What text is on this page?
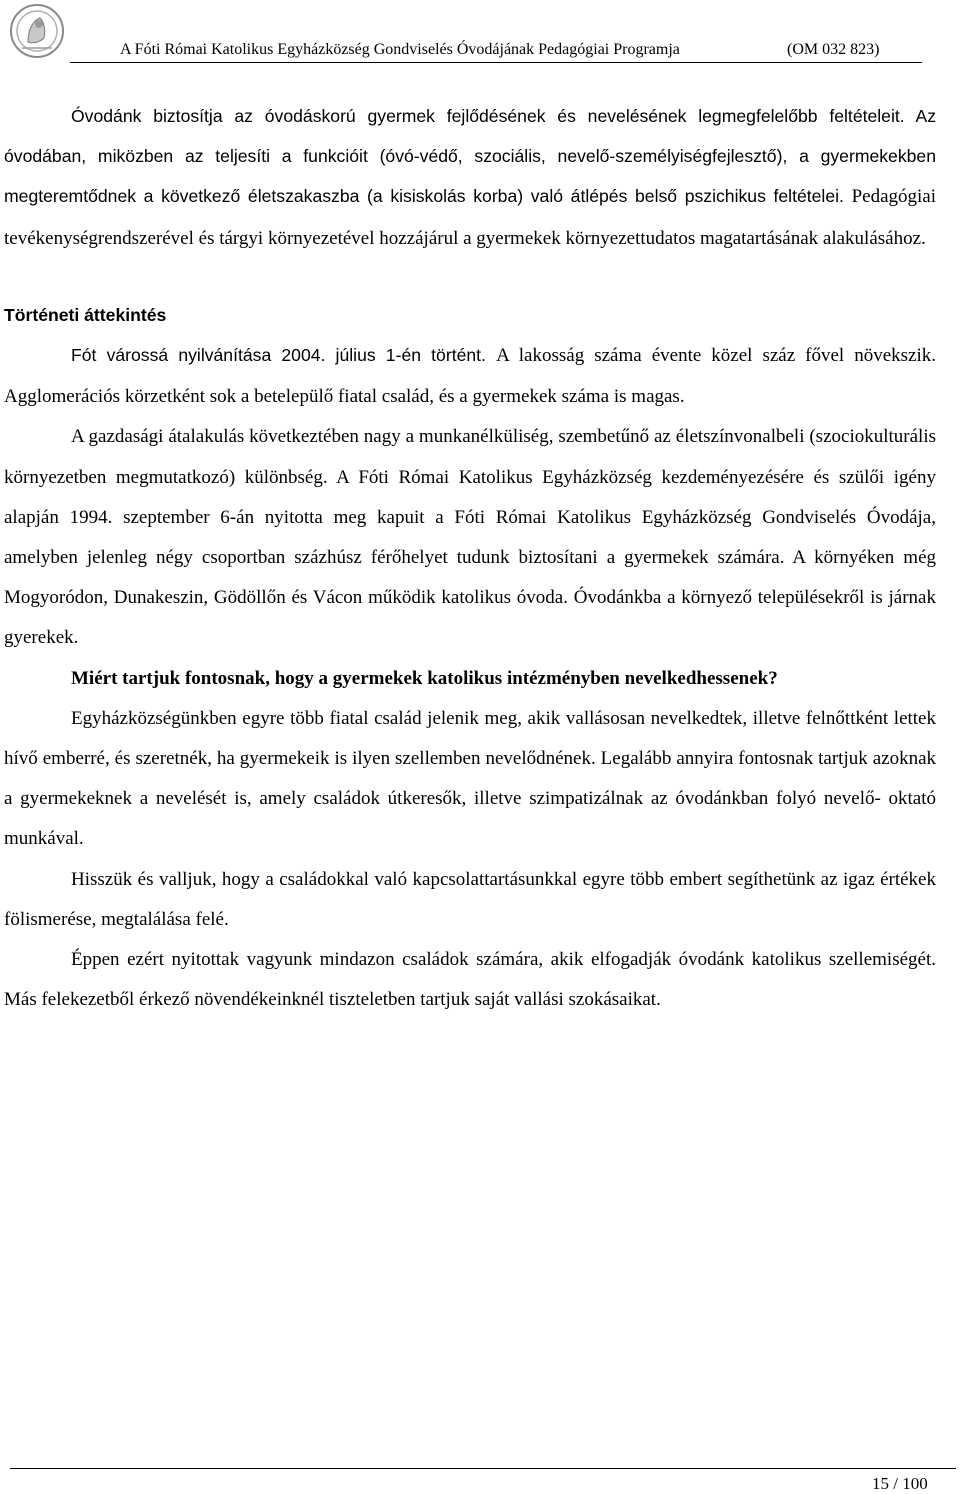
A Fóti Római Katolikus Egyházközség Gondviselés Óvodájának Pedagógiai Programja	(OM 032 823)

Óvodánk biztosítja az óvodáskorú gyermek fejlődésének és nevelésének legmegfelelőbb feltételeit. Az óvodában, miközben az teljesíti a funkcióit (óvó-védő, szociális, nevelő-személyiségfejlesztő), a gyermekekben megteremtődnek a következő életszakaszba (a kisiskolás korba) való átlépés belső pszichikus feltételei. Pedagógiai tevékenységrendszerével és tárgyi környezetével hozzájárul a gyermekek környezettudatos magatartásának alakulásához.

Történeti áttekintés

Fót várossá nyilvánítása 2004. július 1-én történt. A lakosság száma évente közel száz fővel növekszik. Agglomerációs körzetként sok a betelepülő fiatal család, és a gyermekek száma is magas.

A gazdasági átalakulás következtében nagy a munkanélküliség, szembetűnő az életszínvonalbeli (szociokulturális környezetben megmutatkozó) különbség. A Fóti Római Katolikus Egyházközség kezdeményezésére és szülői igény alapján 1994. szeptember 6-án nyitotta meg kapuit a Fóti Római Katolikus Egyházközség Gondviselés Óvodája, amelyben jelenleg négy csoportban százhúsz férőhelyet tudunk biztosítani a gyermekek számára. A környéken még Mogyoródon, Dunakeszin, Gödöllőn és Vácon működik katolikus óvoda. Óvodánkba a környező településekről is járnak gyerekek.

Miért tartjuk fontosnak, hogy a gyermekek katolikus intézményben nevelkedhessenek?

Egyházközségünkben egyre több fiatal család jelenik meg, akik vallásosan nevelkedtek, illetve felnőttként lettek hívő emberré, és szeretnék, ha gyermekeik is ilyen szellemben nevelődnének. Legalább annyira fontosnak tartjuk azoknak a gyermekeknek a nevelését is, amely családok útkeresők, illetve szimpatizálnak az óvodánkban folyó nevelő- oktató munkával.

Hisszük és valljuk, hogy a családokkal való kapcsolattartásunkkal egyre több embert segíthetünk az igaz értékek fölismerése, megtalálása felé.

Éppen ezért nyitottak vagyunk mindazon családok számára, akik elfogadják óvodánk katolikus szellemiségét. Más felekezetből érkező növendékeinknél tiszteletben tartjuk saját vallási szokásaikat.

15 / 100
